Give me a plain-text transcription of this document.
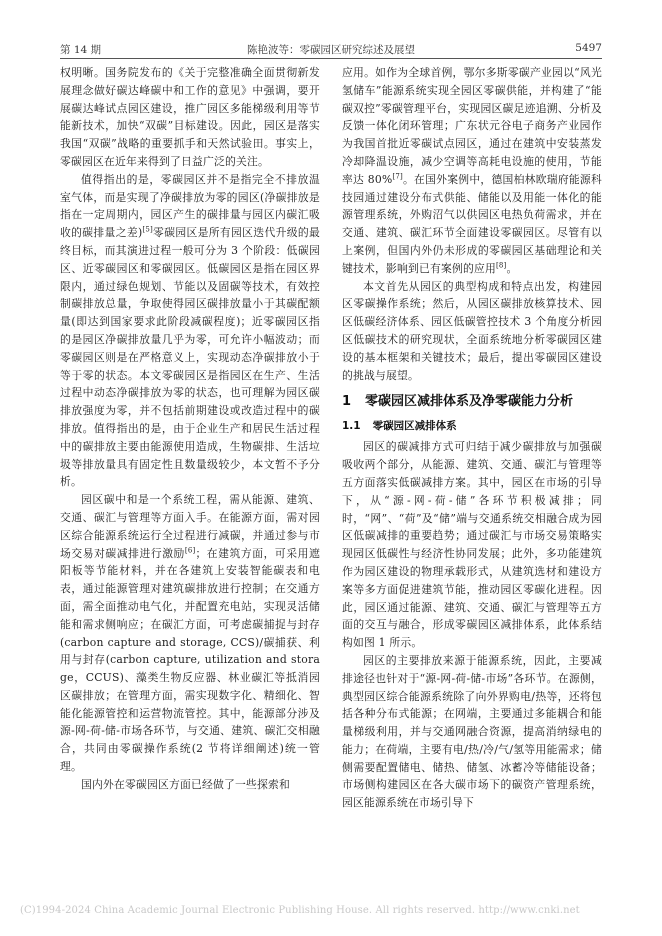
第 14 期	陈艳波等：零碳园区研究综述及展望	5497

权明晰。国务院发布的《关于完整准确全面贯彻新发展理念做好碳达峰碳中和工作的意见》中强调，要开展碳达峰试点园区建设，推广园区多能梯级利用等节能新技术，加快“双碳”目标建设。因此，园区是落实我国“双碳”战略的重要抓手和天然试验田。事实上，零碳园区在近年来得到了日益广泛的关注。

值得指出的是，零碳园区并不是指完全不排放温室气体，而是实现了净碳排放为零的园区(净碳排放是指在一定周期内，园区产生的碳排量与园区内碳汇吸收的碳排量之差)[5]零碳园区是所有园区迭代升级的最终目标，而其演进过程一般可分为 3 个阶段：低碳园区、近零碳园区和零碳园区。低碳园区是指在园区界限内，通过绿色规划、节能以及固碳等技术，有效控制碳排放总量，争取使得园区碳排放量小于其碳配额量(即达到国家要求此阶段减碳程度)；近零碳园区指的是园区净碳排放量几乎为零，可允许小幅波动；而零碳园区则是在严格意义上，实现动态净碳排放小于等于零的状态。本文零碳园区是指园区在生产、生活过程中动态净碳排放为零的状态，也可理解为园区碳排放强度为零，并不包括前期建设或改造过程中的碳排放。值得指出的是，由于企业生产和居民生活过程中的碳排放主要由能源使用造成，生物碳排、生活垃圾等排放量具有固定性且数量级较少，本文暂不予分析。

园区碳中和是一个系统工程，需从能源、建筑、交通、碳汇与管理等方面入手。在能源方面，需对园区综合能源系统运行全过程进行减碳，并通过参与市场交易对碳减排进行激励[6]；在建筑方面，可采用遮阳板等节能材料，并在各建筑上安装智能碳表和电表，通过能源管理对建筑碳排放进行控制；在交通方面，需全面推动电气化，并配置充电站，实现灵活储能和需求侧响应；在碳汇方面，可考虑碳捕捉与封存(carbon capture and storage, CCS)/碳捕获、利用与封存(carbon capture, utilization and storage，CCUS)、藻类生物反应器、林业碳汇等抵消园区碳排放；在管理方面，需实现数字化、精细化、智能化能源管控和运营物流管控。其中，能源部分涉及源-网-荷-储-市场各环节，与交通、建筑、碳汇交相融合，共同由零碳操作系统(2 节将详细阐述)统一管理。

国内外在零碳园区方面已经做了一些探索和

应用。如作为全球首例，鄂尔多斯零碳产业园以“风光氢储车”能源系统实现全园区零碳供能，并构建了“能碳双控”零碳管理平台，实现园区碳足迹追溯、分析及反馈一体化闭环管理；广东状元谷电子商务产业园作为我国首批近零碳试点园区，通过在建筑中安装蒸发冷却降温设施，减少空调等高耗电设施的使用，节能率达 80%[7]。在国外案例中，德国柏林欧瑞府能源科技园通过建设分布式供能、储能以及用能一体化的能源管理系统，外购沼气以供园区电热负荷需求，并在交通、建筑、碳汇环节全面建设零碳园区。尽管有以上案例，但国内外仍未形成的零碳园区基础理论和关键技术，影响到已有案例的应用[8]。

本文首先从园区的典型构成和特点出发，构建园区零碳操作系统；然后，从园区碳排放核算技术、园区低碳经济体系、园区低碳管控技术 3 个角度分析园区低碳技术的研究现状，全面系统地分析零碳园区建设的基本框架和关键技术；最后，提出零碳园区建设的挑战与展望。

1 零碳园区减排体系及净零碳能力分析
1.1 零碳园区减排体系

园区的碳减排方式可归结于减少碳排放与加强碳吸收两个部分，从能源、建筑、交通、碳汇与管理等五方面落实低碳减排方案。其中，园区在市场的引导下，从“源-网-荷-储”各环节积极减排；同时，“网”、“荷”及“储”端与交通系统交相融合成为园区低碳减排的重要趋势；通过碳汇与市场交易策略实现园区低碳性与经济性协同发展；此外，多功能建筑作为园区建设的物理承载形式，从建筑选材和建设方案等多方面促进建筑节能，推动园区零碳化进程。因此，园区通过能源、建筑、交通、碳汇与管理等五方面的交互与融合，形成零碳园区减排体系，此体系结构如图 1 所示。

园区的主要排放来源于能源系统，因此，主要减排途径也针对于“源-网-荷-储-市场”各环节。在源侧，典型园区综合能源系统除了向外界购电/热等，还将包括各种分布式能源；在网端，主要通过多能耦合和能量梯级利用，并与交通网融合资源，提高消纳绿电的能力；在荷端，主要有电/热/冷/气/氢等用能需求；储侧需要配置储电、储热、储氢、冰蓄冷等储能设备；市场侧构建园区在各大碳市场下的碳资产管理系统，园区能源系统在市场引导下

(C)1994-2024 China Academic Journal Electronic Publishing House. All rights reserved. http://www.cnki.net
